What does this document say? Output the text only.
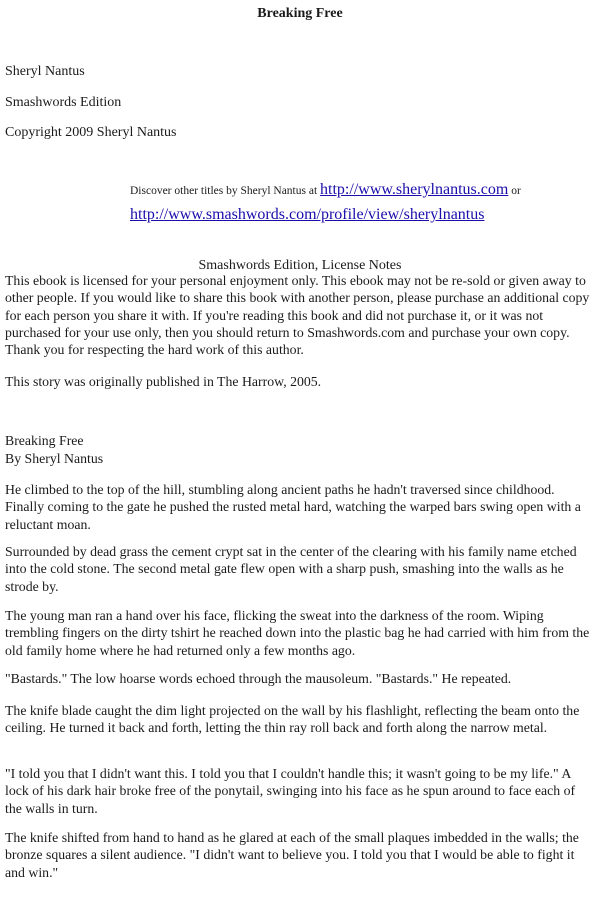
Breaking Free
Sheryl Nantus
Smashwords Edition
Copyright 2009 Sheryl Nantus
Discover other titles by Sheryl Nantus at http://www.sherylnantus.com or
http://www.smashwords.com/profile/view/sherylnantus
Smashwords Edition, License Notes
This ebook is licensed for your personal enjoyment only. This ebook may not be re-sold or given away to other people. If you would like to share this book with another person, please purchase an additional copy for each person you share it with. If you're reading this book and did not purchase it, or it was not purchased for your use only, then you should return to Smashwords.com and purchase your own copy. Thank you for respecting the hard work of this author.
This story was originally published in The Harrow, 2005.
Breaking Free
By Sheryl Nantus
He climbed to the top of the hill, stumbling along ancient paths he hadn't traversed since childhood. Finally coming to the gate he pushed the rusted metal hard, watching the warped bars swing open with a reluctant moan.
Surrounded by dead grass the cement crypt sat in the center of the clearing with his family name etched into the cold stone. The second metal gate flew open with a sharp push, smashing into the walls as he strode by.
The young man ran a hand over his face, flicking the sweat into the darkness of the room. Wiping trembling fingers on the dirty tshirt he reached down into the plastic bag he had carried with him from the old family home where he had returned only a few months ago.
"Bastards." The low hoarse words echoed through the mausoleum. "Bastards." He repeated.
The knife blade caught the dim light projected on the wall by his flashlight, reflecting the beam onto the ceiling. He turned it back and forth, letting the thin ray roll back and forth along the narrow metal.
"I told you that I didn't want this. I told you that I couldn't handle this; it wasn't going to be my life." A lock of his dark hair broke free of the ponytail, swinging into his face as he spun around to face each of the walls in turn.
The knife shifted from hand to hand as he glared at each of the small plaques imbedded in the walls; the bronze squares a silent audience. "I didn't want to believe you. I told you that I would be able to fight it and win."
